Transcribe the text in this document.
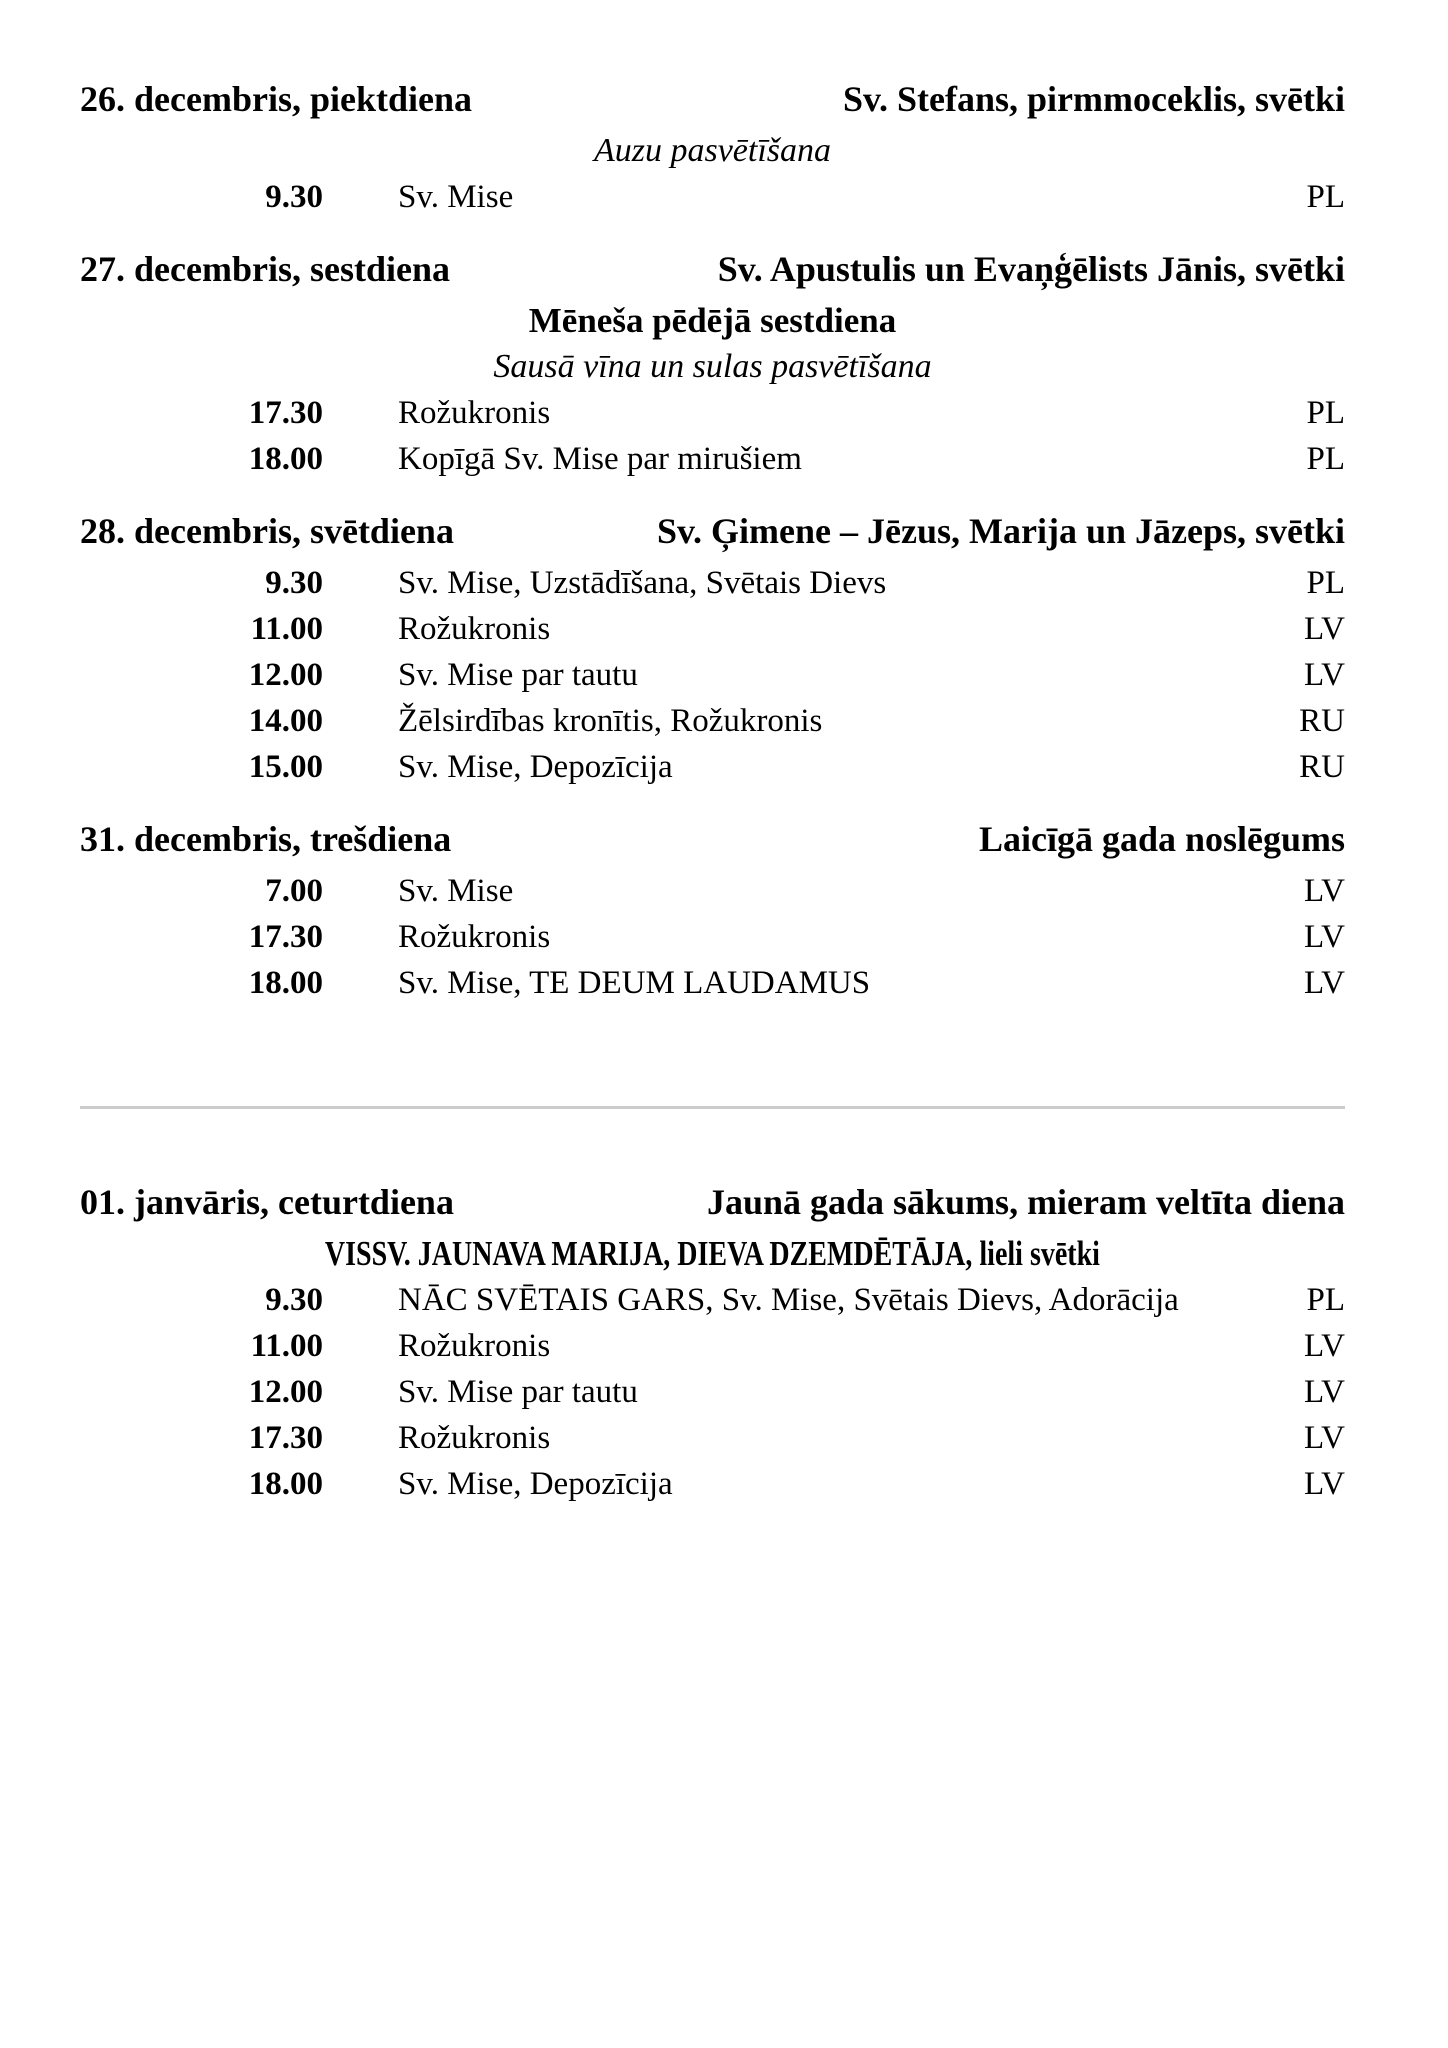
26. decembris, piektdiena	Sv. Stefans, pirmmoceklis, svētki
Auzu pasvētīšana
9.30	Sv. Mise	PL
27. decembris, sestdiena	Sv. Apustulis un Evaņģēlists Jānis, svētki
Mēneša pēdējā sestdiena
Sausā vīna un sulas pasvētīšana
17.30	Rožukronis	PL
18.00	Kopīgā Sv. Mise par mirušiem	PL
28. decembris, svētdiena	Sv. Ģimene – Jēzus, Marija un Jāzeps, svētki
9.30	Sv. Mise, Uzstādīšana, Svētais Dievs	PL
11.00	Rožukronis	LV
12.00	Sv. Mise par tautu	LV
14.00	Žēlsirdības kronītis, Rožukronis	RU
15.00	Sv. Mise, Depozīcija	RU
31. decembris, trešdiena	Laicīgā gada noslēgums
7.00	Sv. Mise	LV
17.30	Rožukronis	LV
18.00	Sv. Mise, TE DEUM LAUDAMUS	LV
01. janvāris, ceturtdiena	Jaunā gada sākums, mieram veltīta diena
VISSV. JAUNAVA MARIJA, DIEVA DZEMDĒTĀJA, lieli svētki
9.30	NĀC SVĒTAIS GARS, Sv. Mise, Svētais Dievs, Adorācija	PL
11.00	Rožukronis	LV
12.00	Sv. Mise par tautu	LV
17.30	Rožukronis	LV
18.00	Sv. Mise, Depozīcija	LV
